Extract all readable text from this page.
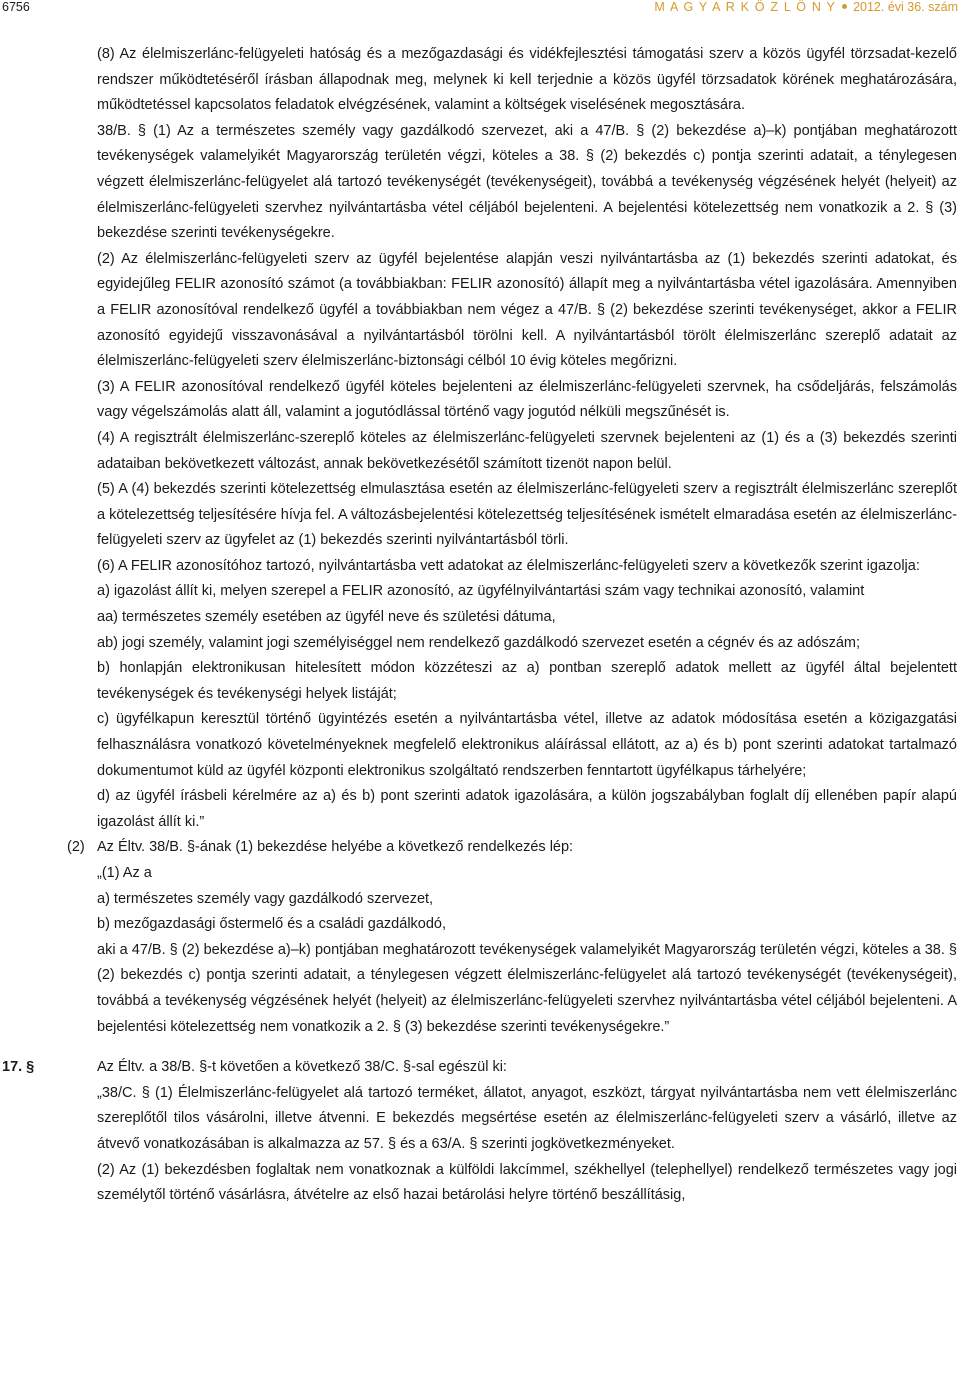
6756	M A G Y A R K Ö Z L Ö N Y 2012. évi 36. szám

(8) Az élelmiszerlánc-felügyeleti hatóság és a mezőgazdasági és vidékfejlesztési támogatási szerv a közös ügyfél törzsadat-kezelő rendszer működtetéséről írásban állapodnak meg, melynek ki kell terjednie a közös ügyfél törzsadatok körének meghatározására, működtetéssel kapcsolatos feladatok elvégzésének, valamint a költségek viselésének megosztására.

38/B. § (1) Az a természetes személy vagy gazdálkodó szervezet, aki a 47/B. § (2) bekezdése a)–k) pontjában meghatározott tevékenységek valamelyikét Magyarország területén végzi, köteles a 38. § (2) bekezdés c) pontja szerinti adatait, a ténylegesen végzett élelmiszerlánc-felügyelet alá tartozó tevékenységét (tevékenységeit), továbbá a tevékenység végzésének helyét (helyeit) az élelmiszerlánc-felügyeleti szervhez nyilvántartásba vétel céljából bejelenteni. A bejelentési kötelezettség nem vonatkozik a 2. § (3) bekezdése szerinti tevékenységekre.

(2) Az élelmiszerlánc-felügyeleti szerv az ügyfél bejelentése alapján veszi nyilvántartásba az (1) bekezdés szerinti adatokat, és egyidejűleg FELIR azonosító számot (a továbbiakban: FELIR azonosító) állapít meg a nyilvántartásba vétel igazolására. Amennyiben a FELIR azonosítóval rendelkező ügyfél a továbbiakban nem végez a 47/B. § (2) bekezdése szerinti tevékenységet, akkor a FELIR azonosító egyidejű visszavonásával a nyilvántartásból törölni kell. A nyilvántartásból törölt élelmiszerlánc szereplő adatait az élelmiszerlánc-felügyeleti szerv élelmiszerlánc-biztonsági célból 10 évig köteles megőrizni.

(3) A FELIR azonosítóval rendelkező ügyfél köteles bejelenteni az élelmiszerlánc-felügyeleti szervnek, ha csődeljárás, felszámolás vagy végelszámolás alatt áll, valamint a jogutódlással történő vagy jogutód nélküli megszűnését is.

(4) A regisztrált élelmiszerlánc-szereplő köteles az élelmiszerlánc-felügyeleti szervnek bejelenteni az (1) és a (3) bekezdés szerinti adataiban bekövetkezett változást, annak bekövetkezésétől számított tizenöt napon belül.

(5) A (4) bekezdés szerinti kötelezettség elmulasztása esetén az élelmiszerlánc-felügyeleti szerv a regisztrált élelmiszerlánc szereplőt a kötelezettség teljesítésére hívja fel. A változásbejelentési kötelezettség teljesítésének ismételt elmaradása esetén az élelmiszerlánc-felügyeleti szerv az ügyfelet az (1) bekezdés szerinti nyilvántartásból törli.

(6) A FELIR azonosítóhoz tartozó, nyilvántartásba vett adatokat az élelmiszerlánc-felügyeleti szerv a következők szerint igazolja:

a) igazolást állít ki, melyen szerepel a FELIR azonosító, az ügyfélnyilvántartási szám vagy technikai azonosító, valamint

aa) természetes személy esetében az ügyfél neve és születési dátuma,

ab) jogi személy, valamint jogi személyiséggel nem rendelkező gazdálkodó szervezet esetén a cégnév és az adószám;

b) honlapján elektronikusan hitelesített módon közzéteszi az a) pontban szereplő adatok mellett az ügyfél által bejelentett tevékenységek és tevékenységi helyek listáját;

c) ügyfélkapun keresztül történő ügyintézés esetén a nyilvántartásba vétel, illetve az adatok módosítása esetén a közigazgatási felhasználásra vonatkozó követelményeknek megfelelő elektronikus aláírással ellátott, az a) és b) pont szerinti adatokat tartalmazó dokumentumot küld az ügyfél központi elektronikus szolgáltató rendszerben fenntartott ügyfélkapus tárhelyére;

d) az ügyfél írásbeli kérelmére az a) és b) pont szerinti adatok igazolására, a külön jogszabályban foglalt díj ellenében papír alapú igazolást állít ki.”

(2) Az Éltv. 38/B. §-ának (1) bekezdése helyébe a következő rendelkezés lép:

„(1) Az a

a) természetes személy vagy gazdálkodó szervezet,

b) mezőgazdasági őstermelő és a családi gazdálkodó,

aki a 47/B. § (2) bekezdése a)–k) pontjában meghatározott tevékenységek valamelyikét Magyarország területén végzi, köteles a 38. § (2) bekezdés c) pontja szerinti adatait, a ténylegesen végzett élelmiszerlánc-felügyelet alá tartozó tevékenységét (tevékenységeit), továbbá a tevékenység végzésének helyét (helyeit) az élelmiszerlánc-felügyeleti szervhez nyilvántartásba vétel céljából bejelenteni. A bejelentési kötelezettség nem vonatkozik a 2. § (3) bekezdése szerinti tevékenységekre.”

17. §	Az Éltv. a 38/B. §-t követően a következő 38/C. §-sal egészül ki:

„38/C. § (1) Élelmiszerlánc-felügyelet alá tartozó terméket, állatot, anyagot, eszközt, tárgyat nyilvántartásba nem vett élelmiszerlánc szereplőtől tilos vásárolni, illetve átvenni. E bekezdés megsértése esetén az élelmiszerlánc-felügyeleti szerv a vásárló, illetve az átvevő vonatkozásában is alkalmazza az 57. § és a 63/A. § szerinti jogkövetkezményeket.

(2) Az (1) bekezdésben foglaltak nem vonatkoznak a külföldi lakcímmel, székhellyel (telephellyel) rendelkező természetes vagy jogi személytől történő vásárlásra, átvételre az első hazai betárolási helyre történő beszállításig,
